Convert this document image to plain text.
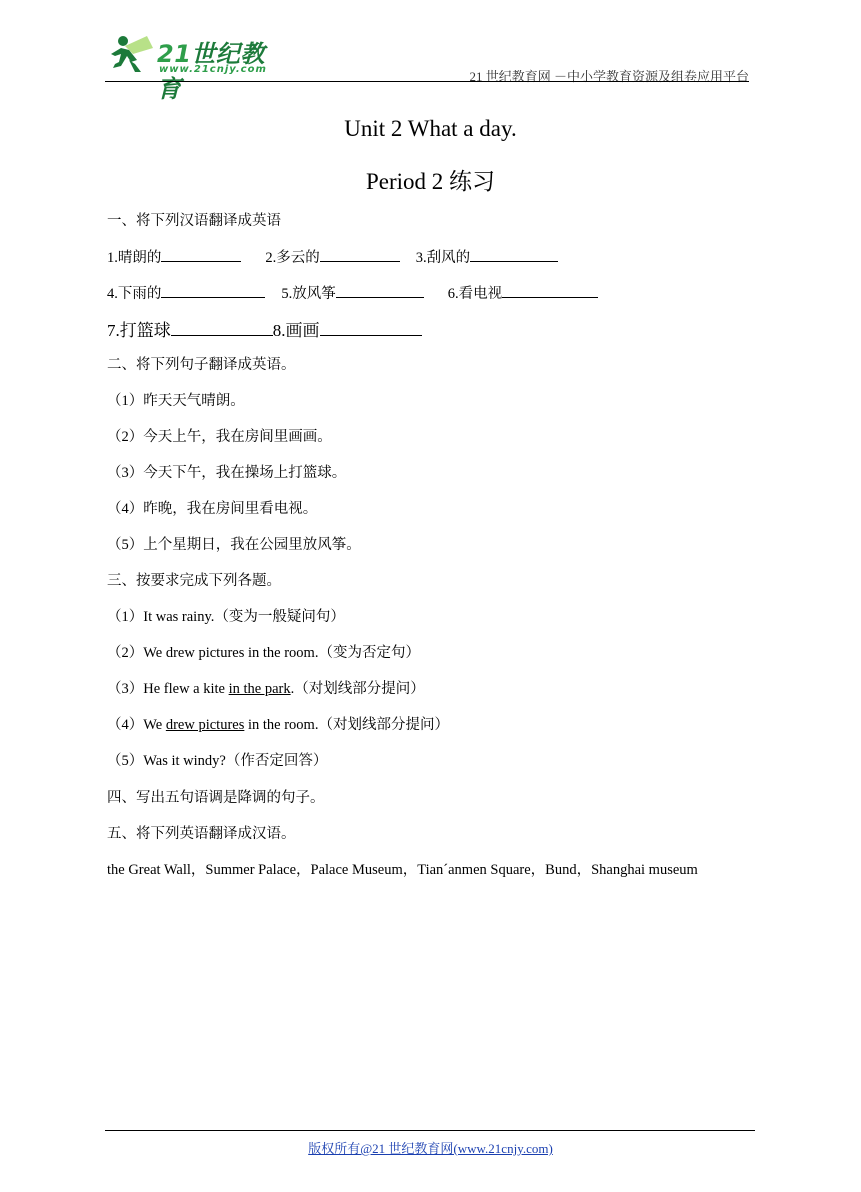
21世纪教育
www.21cnjy.com	21 世纪教育网 －中小学教育资源及组卷应用平台
Unit 2 What a day.
Period 2 练习
一、将下列汉语翻译成英语
1.晴朗的	2.多云的	3.刮风的
4.下雨的	5.放风筝	6.看电视
7.打篮球	8.画画
二、将下列句子翻译成英语。
（1）昨天天气晴朗。
（2）今天上午，我在房间里画画。
（3）今天下午，我在操场上打篮球。
（4）昨晚，我在房间里看电视。
（5）上个星期日，我在公园里放风筝。
三、按要求完成下列各题。
（1）It was rainy.（变为一般疑问句）
（2）We drew pictures in the room.（变为否定句）
（3）He flew a kite in the park.（对划线部分提问）
（4）We drew pictures in the room.（对划线部分提问）
（5）Was it windy?（作否定回答）
四、写出五句语调是降调的句子。
五、将下列英语翻译成汉语。
the Great Wall，Summer Palace，Palace Museum，Tian´anmen Square，Bund，Shanghai museum
版权所有@21 世纪教育网(www.21cnjy.com)
